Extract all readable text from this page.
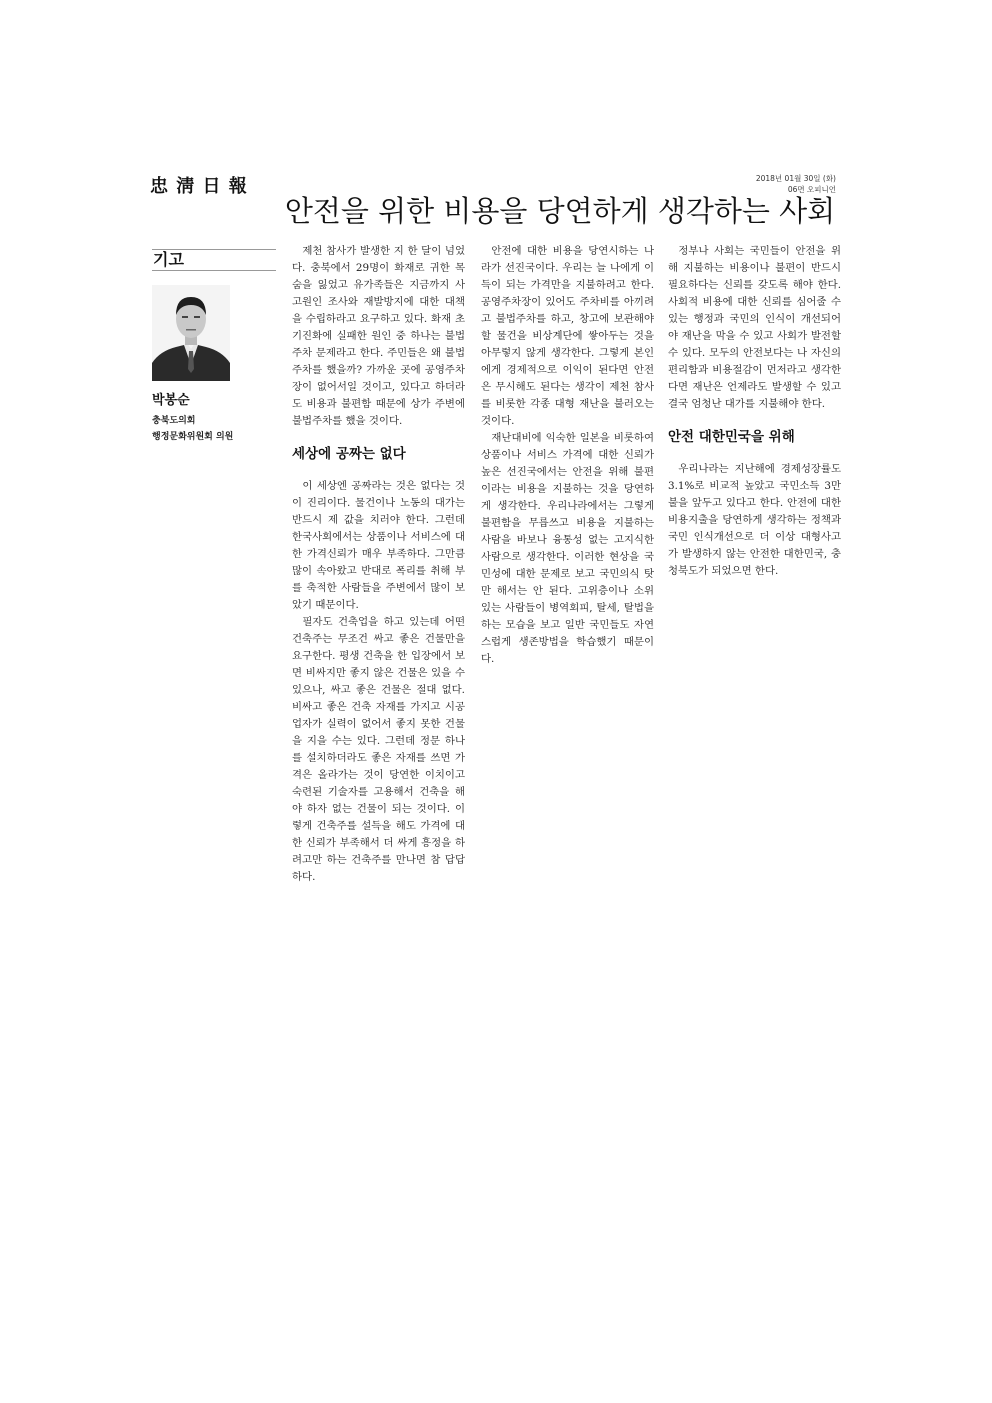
忠 淸 日 報	2018년 01월 30일 (화)
06면 오피니언
안전을 위한 비용을 당연하게 생각하는 사회
기고
박봉순
충북도의회
행정문화위원회 의원

제천 참사가 발생한 지 한 달이 넘었다. 충북에서 29명이 화재로 귀한 목숨을 잃었고 유가족들은 지금까지 사고원인 조사와 재발방지에 대한 대책을 수립하라고 요구하고 있다. 화재 초기진화에 실패한 원인 중 하나는 불법주차 문제라고 한다. 주민들은 왜 불법주차를 했을까? 가까운 곳에 공영주차장이 없어서일 것이고, 있다고 하더라도 비용과 불편함 때문에 상가 주변에 불법주차를 했을 것이다.

세상에 공짜는 없다

이 세상엔 공짜라는 것은 없다는 것이 진리이다. 물건이나 노동의 대가는 반드시 제 값을 치러야 한다. 그런데 한국사회에서는 상품이나 서비스에 대한 가격신뢰가 매우 부족하다. 그만큼 많이 속아왔고 반대로 폭리를 취해 부를 축적한 사람들을 주변에서 많이 보았기 때문이다.

필자도 건축업을 하고 있는데 어떤 건축주는 무조건 싸고 좋은 건물만을 요구한다. 평생 건축을 한 입장에서 보면 비싸지만 좋지 않은 건물은 있을 수 있으나, 싸고 좋은 건물은 절대 없다. 비싸고 좋은 건축 자재를 가지고 시공업자가 실력이 없어서 좋지 못한 건물을 지을 수는 있다. 그런데 정문 하나를 설치하더라도 좋은 자재를 쓰면 가격은 올라가는 것이 당연한 이치이고 숙련된 기술자를 고용해서 건축을 해야 하자 없는 건물이 되는 것이다. 이렇게 건축주를 설득을 해도 가격에 대한 신뢰가 부족해서 더 싸게 흥정을 하려고만 하는 건축주를 만나면 참 답답하다.

안전에 대한 비용을 당연시하는 나라가 선진국이다. 우리는 늘 나에게 이득이 되는 가격만을 지불하려고 한다. 공영주차장이 있어도 주차비를 아끼려고 불법주차를 하고, 창고에 보관해야 할 물건을 비상계단에 쌓아두는 것을 아무렇지 않게 생각한다. 그렇게 본인에게 경제적으로 이익이 된다면 안전은 무시해도 된다는 생각이 제천 참사를 비롯한 각종 대형 재난을 불러오는 것이다.

재난대비에 익숙한 일본을 비롯하여 상품이나 서비스 가격에 대한 신뢰가 높은 선진국에서는 안전을 위해 불편이라는 비용을 지불하는 것을 당연하게 생각한다. 우리나라에서는 그렇게 불편함을 무릅쓰고 비용을 지불하는 사람을 바보나 융통성 없는 고지식한 사람으로 생각한다. 이러한 현상을 국민성에 대한 문제로 보고 국민의식 탓만 해서는 안 된다. 고위층이나 소위 있는 사람들이 병역회피, 탈세, 탈법을 하는 모습을 보고 일반 국민들도 자연스럽게 생존방법을 학습했기 때문이다.

정부나 사회는 국민들이 안전을 위해 지불하는 비용이나 불편이 반드시 필요하다는 신뢰를 갖도록 해야 한다. 사회적 비용에 대한 신뢰를 심어줄 수 있는 행정과 국민의 인식이 개선되어야 재난을 막을 수 있고 사회가 발전할 수 있다. 모두의 안전보다는 나 자신의 편리함과 비용절감이 먼저라고 생각한다면 재난은 언제라도 발생할 수 있고 결국 엄청난 대가를 지불해야 한다.

안전 대한민국을 위해

우리나라는 지난해에 경제성장률도 3.1%로 비교적 높았고 국민소득 3만 불을 앞두고 있다고 한다. 안전에 대한 비용지출을 당연하게 생각하는 정책과 국민 인식개선으로 더 이상 대형사고가 발생하지 않는 안전한 대한민국, 충청북도가 되었으면 한다.
